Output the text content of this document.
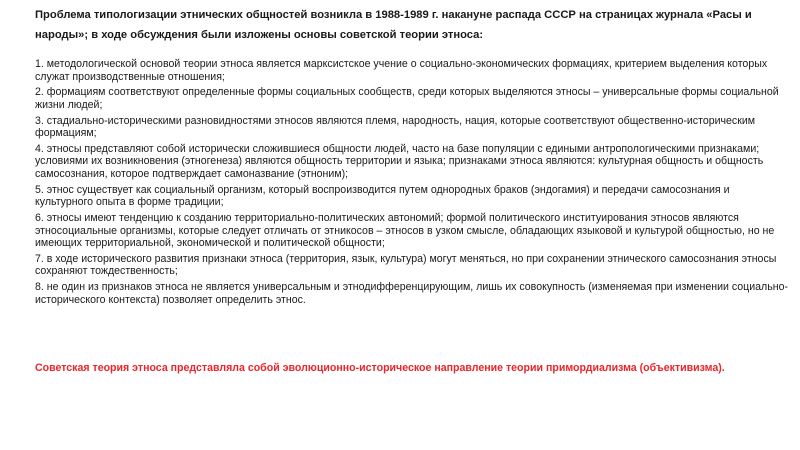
Проблема типологизации этнических общностей возникла в 1988-1989 г. накануне распада СССР на страницах журнала «Расы и народы»; в ходе обсуждения были изложены основы советской теории этноса:

1. методологической основой теории этноса является марксистское учение о социально-экономических формациях, критерием выделения которых служат производственные отношения;
2. формациям соответствуют определенные формы социальных сообществ, среди которых выделяются этносы – универсальные формы социальной жизни людей;
3. стадиально-историческими разновидностями этносов являются племя, народность, нация, которые соответствуют общественно-историческим формациям;
4. этносы представляют собой исторически сложившиеся общности людей, часто на базе популяции с едиными антропологическими признаками; условиями их возникновения (этногенеза) являются общность территории и языка; признаками этноса являются: культурная общность и общность самосознания, которое подтверждает самоназвание (этноним);
5. этнос существует как социальный организм, который воспроизводится путем однородных браков (эндогамия) и передачи самосознания и культурного опыта в форме традиции;
6. этносы имеют тенденцию к созданию территориально-политических автономий; формой политического институирования этносов являются этносоциальные организмы, которые следует отличать от этникосов – этносов в узком смысле, обладающих языковой и культурой общностью, но не имеющих территориальной, экономической и политической общности;
7. в ходе исторического развития признаки этноса (территория, язык, культура) могут меняться, но при сохранении этнического самосознания этносы сохраняют тождественность;
8. не один из признаков этноса не является универсальным и этнодифференцирующим, лишь их совокупность (изменяемая при изменении социально-исторического контекста) позволяет определить этнос.

Советская теория этноса представляла собой эволюционно-историческое направление теории примордиализма (объективизма).
